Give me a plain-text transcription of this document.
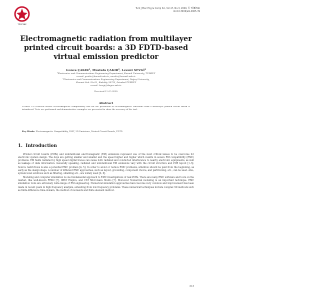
TÜBİTAK
Turk J Elec Eng & Comp Sci, Vol.17, No.3, 2009, © TÜBİTAK
doi:10.3906/elk-0905-39
Electromagnetic radiation from multilayer printed circuit boards: a 3D FDTD-based virtual emission predictor
Gonca ÇAKIR¹, Mustafa ÇAKIR², Levent SEVGİ³
¹Electronics and Communications Engineering Department, Kocaeli University, TURKEY
e-mail: gcakir@kocaeli.edu.tr, mcakir@kocaeli.edu.tr
²Electronics and Communications Engineering Department, Doğuş University,
Zeamet Sok. No:21, Kadıköy 34722, İstanbul-TURKEY
e-mail: lsevgi@dogus.edu.tr
Received 15.05.2009
Abstract
A novel FDTD-based virtual electromagnetic compatibility tool for the prediction of electromagnetic emissions from a multilayer printed circuit board is introduced. Tests are performed and demonstrative examples are presented to show the accuracy of the tool.
Key Words: Electromagnetic Compatibility, EMC, 3D Emissions, Printed Circuit Boards, FDTD
1. Introduction

Printed circuit boards (PCBs) and unintentional electromagnetic (EM) emissions represent one of the most critical issues to be overcome for electronic system design. The days are getting smaller and smaller and the speed higher and higher which results in severe EM compatibility (EMC) problems. EM fields radiated by high speed digital traces can cause both radiated and conducted interference to nearby electronic equipments, as well as leakage of data information. Generally speaking, radiated and unintentional EM emissions vary with the circuit structure and PCB layout [1–3]. Source restrictions is also a potential EMC problem [4, 5]. In order to avoid or reduce EMC problems, attention should be paid from the beginning, as early as the design stage. A number of different EMC approaches, such as layout, grounding, component choice, and partitioning, etc., can be used. Also, system level solutions such as filtering, shielding etc., are widely used [2, 6].

Modeling and computer simulation is one fundamental approach to EMC investigations of real PCBs. There are many EMC software and tools on the market, like well-known FEKO [7], IMST Empire, and CST Microwave Studio [7]. Moreover Numerical modeling is an important technique. EMC simulation tools are extremely wide-range of EM engineering. Numerical simulation approaches have become very common and improvement has been made in recent years in high frequency analysis, extending from low frequency problems. These numerical techniques include complex 3D methods such as finite-difference time-domain, the method of moments and finite element method.

313
